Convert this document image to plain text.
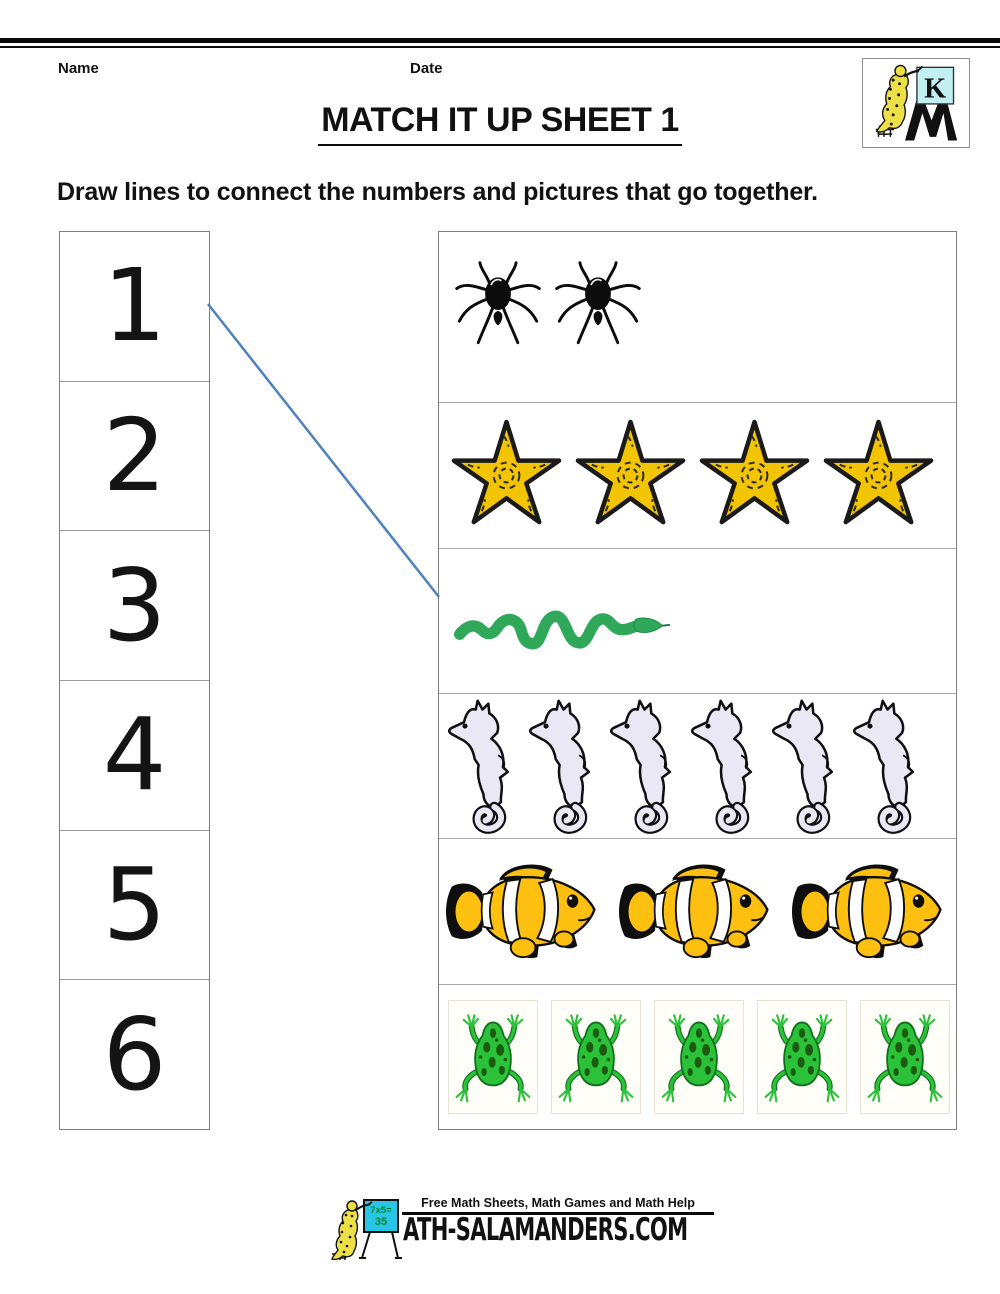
Name	Date
K
MATCH IT UP SHEET 1
Draw lines to connect the numbers and pictures that go together.
1
2
3
4
5
6
7x5=
35
Free Math Sheets, Math Games and Math Help
ATH-SALAMANDERS.COM
